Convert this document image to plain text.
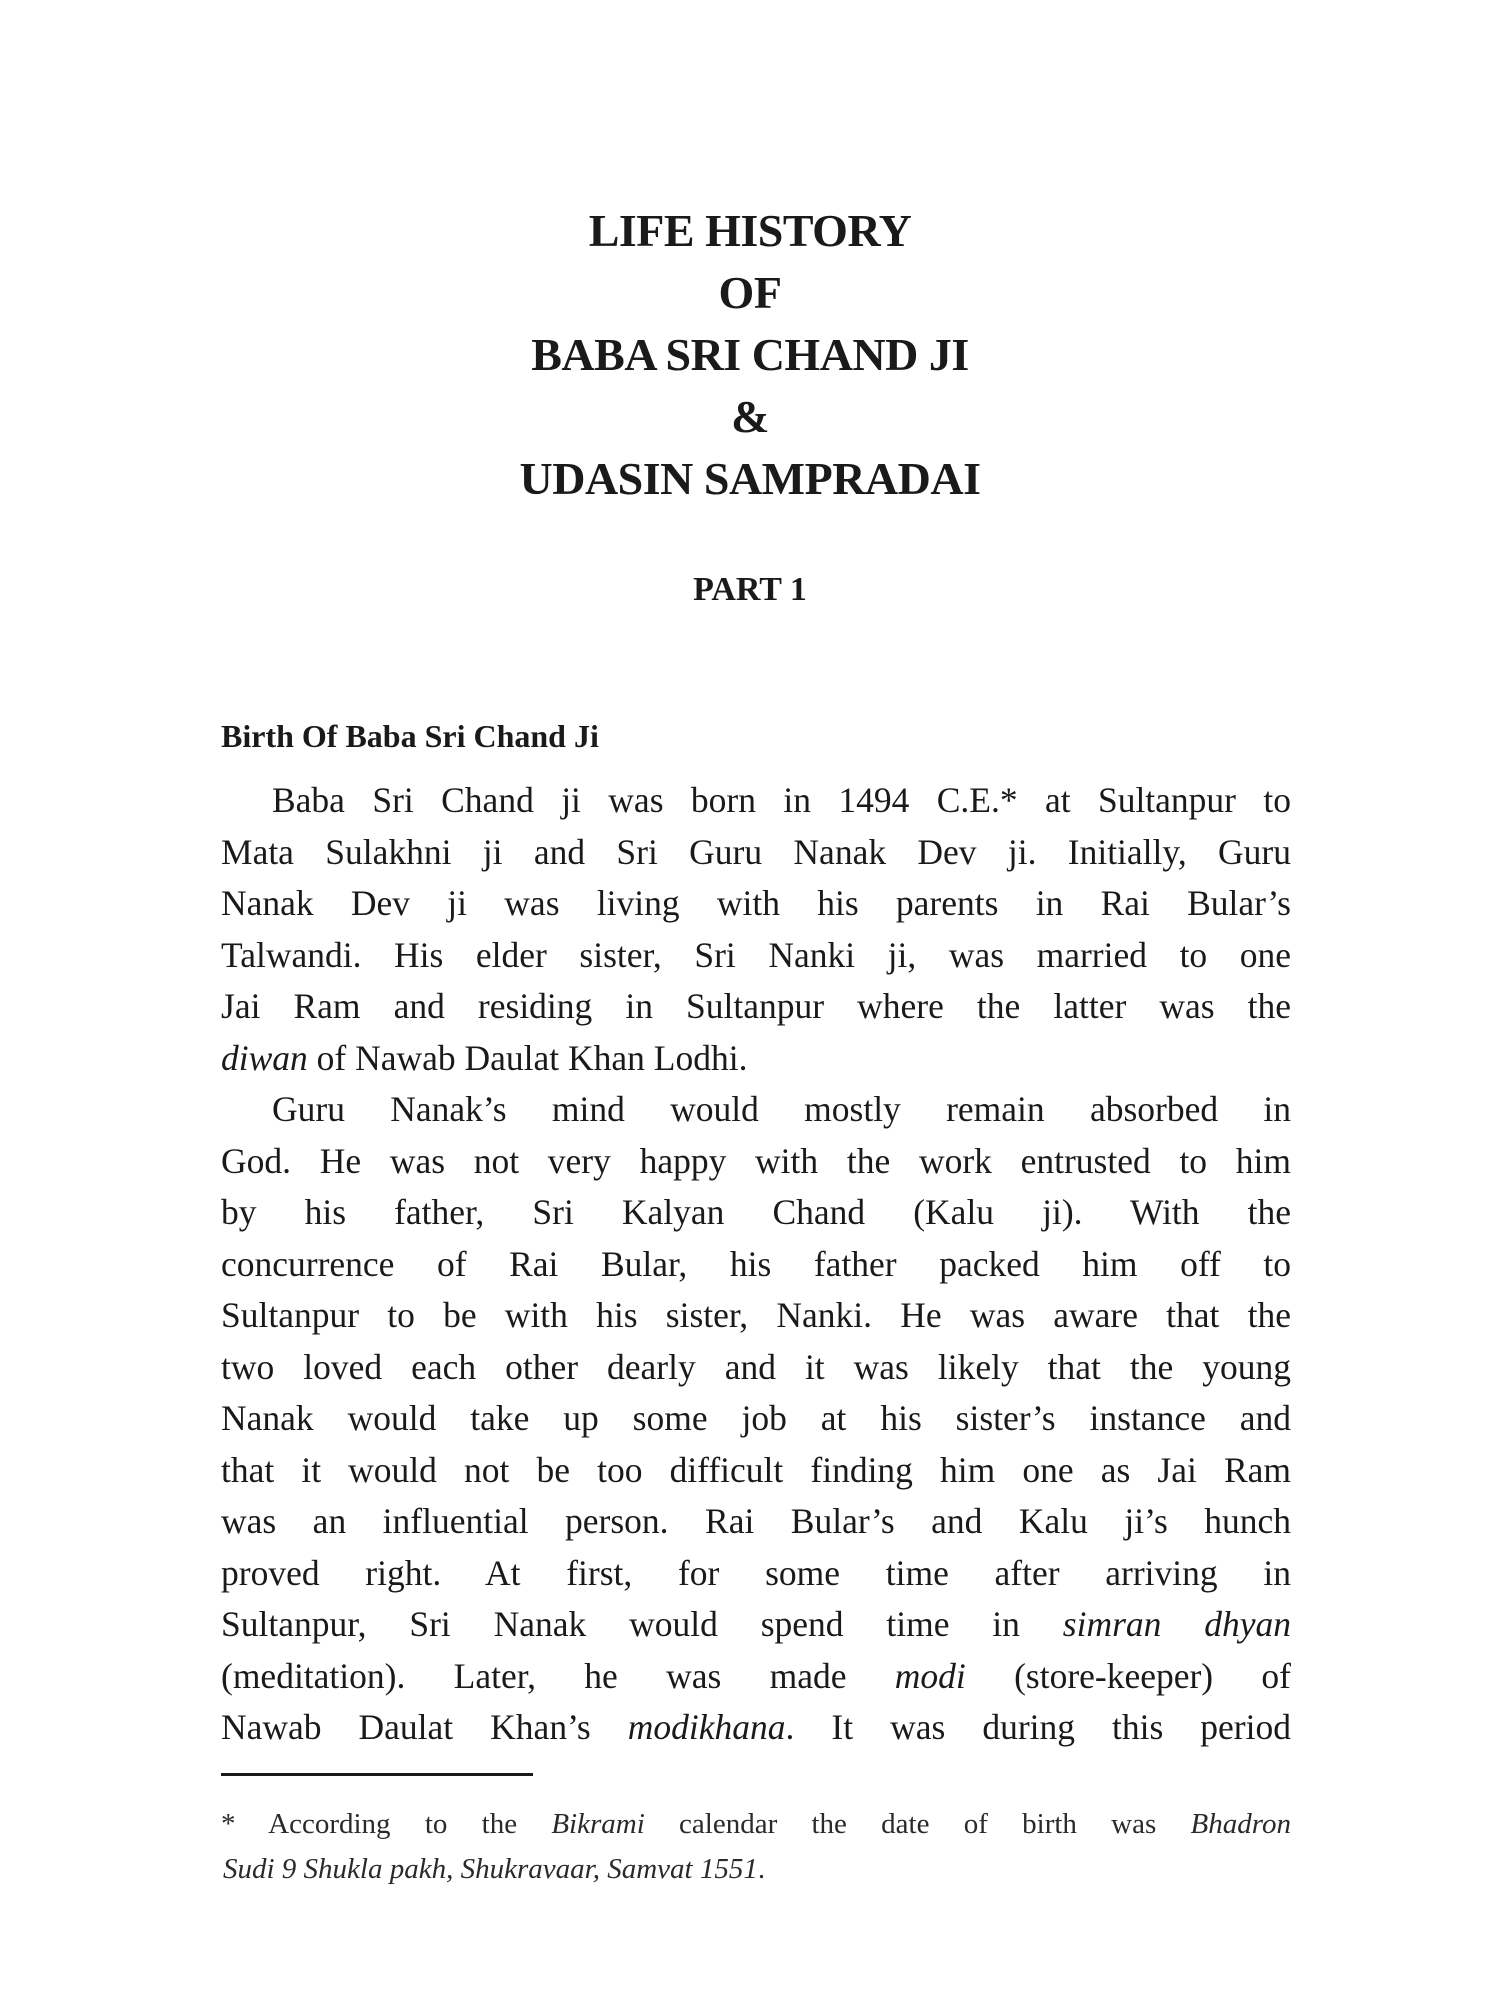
LIFE HISTORY
OF
BABA SRI CHAND JI
&
UDASIN SAMPRADAI
PART 1
Birth Of Baba Sri Chand Ji
Baba Sri Chand ji was born in 1494 C.E.* at Sultanpur to
Mata Sulakhni ji and Sri Guru Nanak Dev ji. Initially, Guru
Nanak Dev ji was living with his parents in Rai Bular’s
Talwandi. His elder sister, Sri Nanki ji, was married to one
Jai Ram and residing in Sultanpur where the latter was the
diwan of Nawab Daulat Khan Lodhi.
Guru Nanak’s mind would mostly remain absorbed in
God. He was not very happy with the work entrusted to him
by his father, Sri Kalyan Chand (Kalu ji). With the
concurrence of Rai Bular, his father packed him off to
Sultanpur to be with his sister, Nanki. He was aware that the
two loved each other dearly and it was likely that the young
Nanak would take up some job at his sister’s instance and
that it would not be too difficult finding him one as Jai Ram
was an influential person. Rai Bular’s and Kalu ji’s hunch
proved right. At first, for some time after arriving in
Sultanpur, Sri Nanak would spend time in simran dhyan
(meditation). Later, he was made modi (store-keeper) of
Nawab Daulat Khan’s modikhana. It was during this period
* According to the Bikrami calendar the date of birth was Bhadron
Sudi 9 Shukla pakh, Shukravaar, Samvat 1551.
